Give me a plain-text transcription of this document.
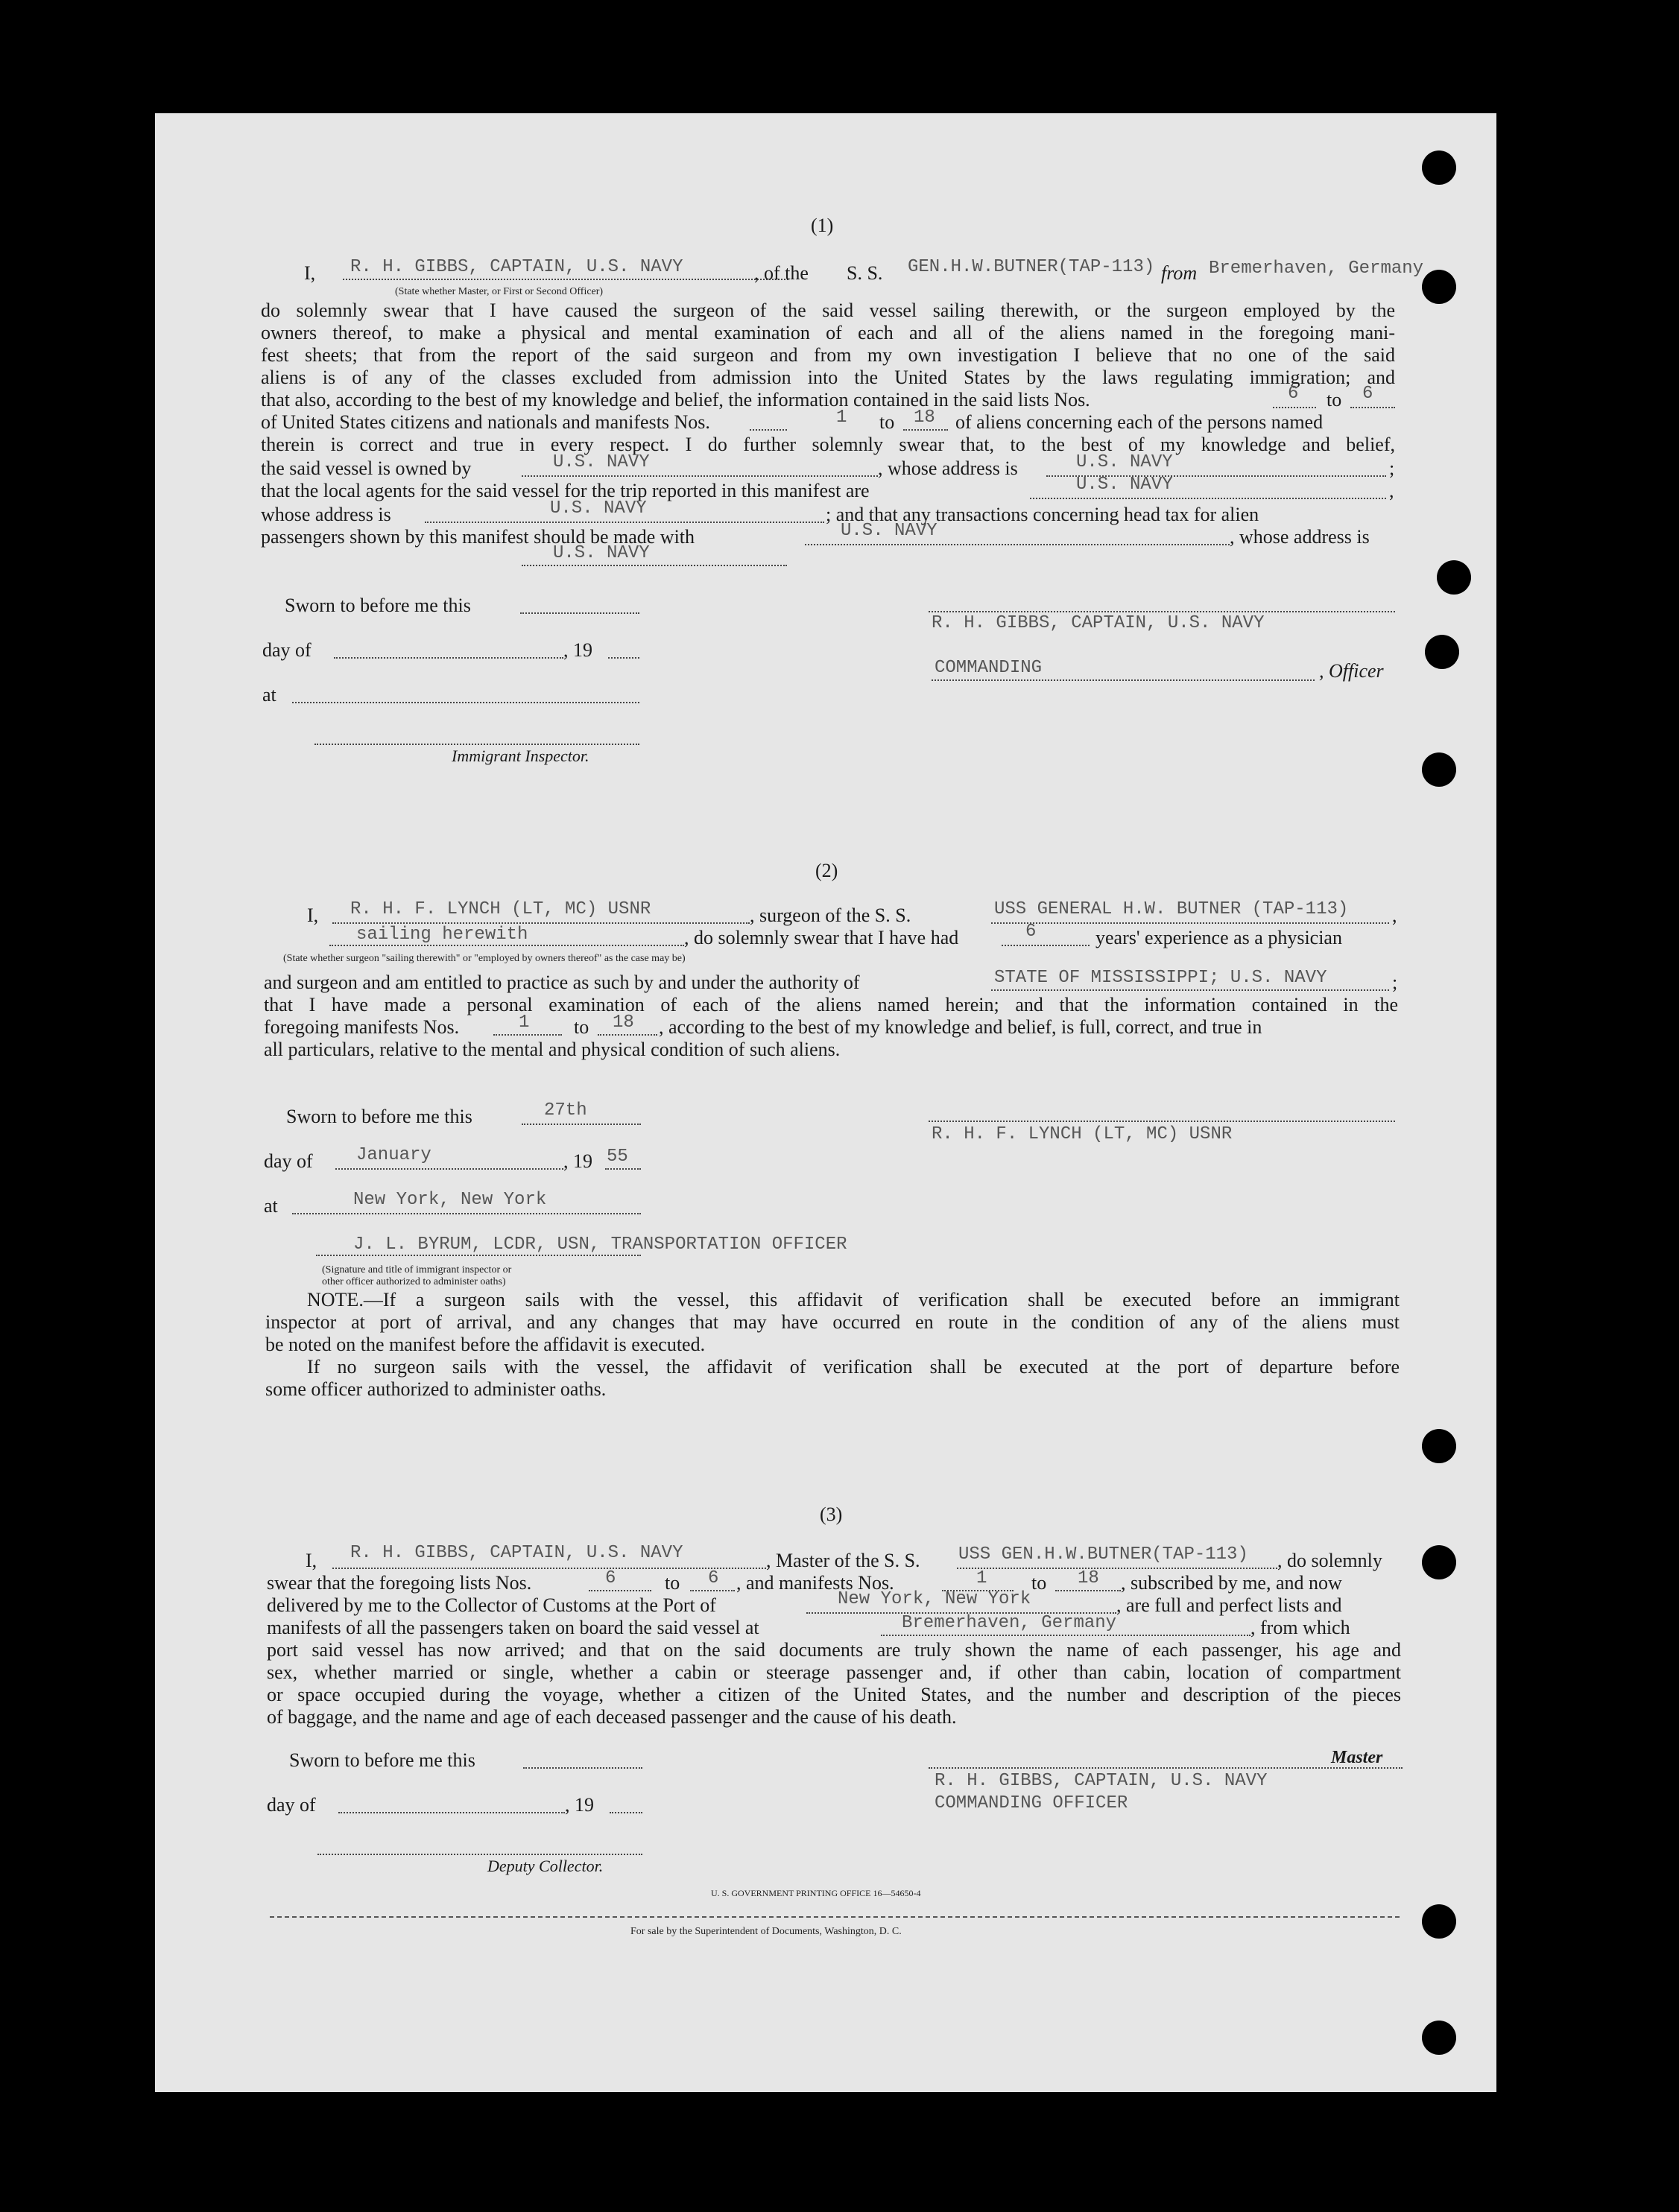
(1)
I, R. H. GIBBS, CAPTAIN, U.S. NAVY	, of the S. S. GEN.H.W.BUTNER(TAP-113) from Bremerhaven, Germany
(State whether Master, or First or Second Officer)
do solemnly swear that I have caused the surgeon of the said vessel sailing therewith, or the surgeon employed by the
owners thereof, to make a physical and mental examination of each and all of the aliens named in the foregoing mani-
fest sheets; that from the report of the said surgeon and from my own investigation I believe that no one of the said
aliens is of any of the classes excluded from admission into the United States by the laws regulating immigration; and
that also, according to the best of my knowledge and belief, the information contained in the said lists Nos.	6 to 6
of United States citizens and nationals and manifests Nos.	1 to 18 of aliens concerning each of the persons named
therein is correct and true in every respect. I do further solemnly swear that, to the best of my knowledge and belief,
the said vessel is owned by	U.S. NAVY	, whose address is	U.S. NAVY	;
that the local agents for the said vessel for the trip reported in this manifest are	U.S. NAVY	,
whose address is	U.S. NAVY	; and that any transactions concerning head tax for alien
passengers shown by this manifest should be made with	U.S. NAVY	, whose address is
U.S. NAVY
Sworn to before me this
day of	, 19
at
Immigrant Inspector.
R. H. GIBBS, CAPTAIN, U.S. NAVY
COMMANDING	, Officer
(2)
I, R. H. F. LYNCH (LT, MC) USNR	, surgeon of the S. S.	USS GENERAL H.W. BUTNER (TAP-113) ,
sailing herewith	, do solemnly swear that I have had	6	years' experience as a physician
(State whether surgeon "sailing therewith" or "employed by owners thereof" as the case may be)
and surgeon and am entitled to practice as such by and under the authority of	STATE OF MISSISSIPPI; U.S. NAVY	;
that I have made a personal examination of each of the aliens named herein; and that the information contained in the
foregoing manifests Nos.	1 to 18 , according to the best of my knowledge and belief, is full, correct, and true in
all particulars, relative to the mental and physical condition of such aliens.
Sworn to before me this	27th
day of January	, 19 55
at	New York, New York
J. L. BYRUM, LCDR, USN, TRANSPORTATION OFFICER
(Signature and title of immigrant inspector or
other officer authorized to administer oaths)
R. H. F. LYNCH (LT, MC) USNR
NOTE.—If a surgeon sails with the vessel, this affidavit of verification shall be executed before an immigrant
inspector at port of arrival, and any changes that may have occurred en route in the condition of any of the aliens must
be noted on the manifest before the affidavit is executed.
If no surgeon sails with the vessel, the affidavit of verification shall be executed at the port of departure before
some officer authorized to administer oaths.
(3)
I, R. H. GIBBS, CAPTAIN, U.S. NAVY	, Master of the S. S. USS GEN.H.W.BUTNER(TAP-113) , do solemnly
swear that the foregoing lists Nos.	6	to 6 , and manifests Nos.	1 to 18 , subscribed by me, and now
delivered by me to the Collector of Customs at the Port of	New York, New York	, are full and perfect lists and
manifests of all the passengers taken on board the said vessel at	Bremerhaven, Germany	, from which
port said vessel has now arrived; and that on the said documents are truly shown the name of each passenger, his age and
sex, whether married or single, whether a cabin or steerage passenger and, if other than cabin, location of compartment
or space occupied during the voyage, whether a citizen of the United States, and the number and description of the pieces
of baggage, and the name and age of each deceased passenger and the cause of his death.
Sworn to before me this
day of	, 19
Deputy Collector.
Master
R. H. GIBBS, CAPTAIN, U.S. NAVY
COMMANDING OFFICER
U. S. GOVERNMENT PRINTING OFFICE 16—54650-4
For sale by the Superintendent of Documents, Washington, D. C.
